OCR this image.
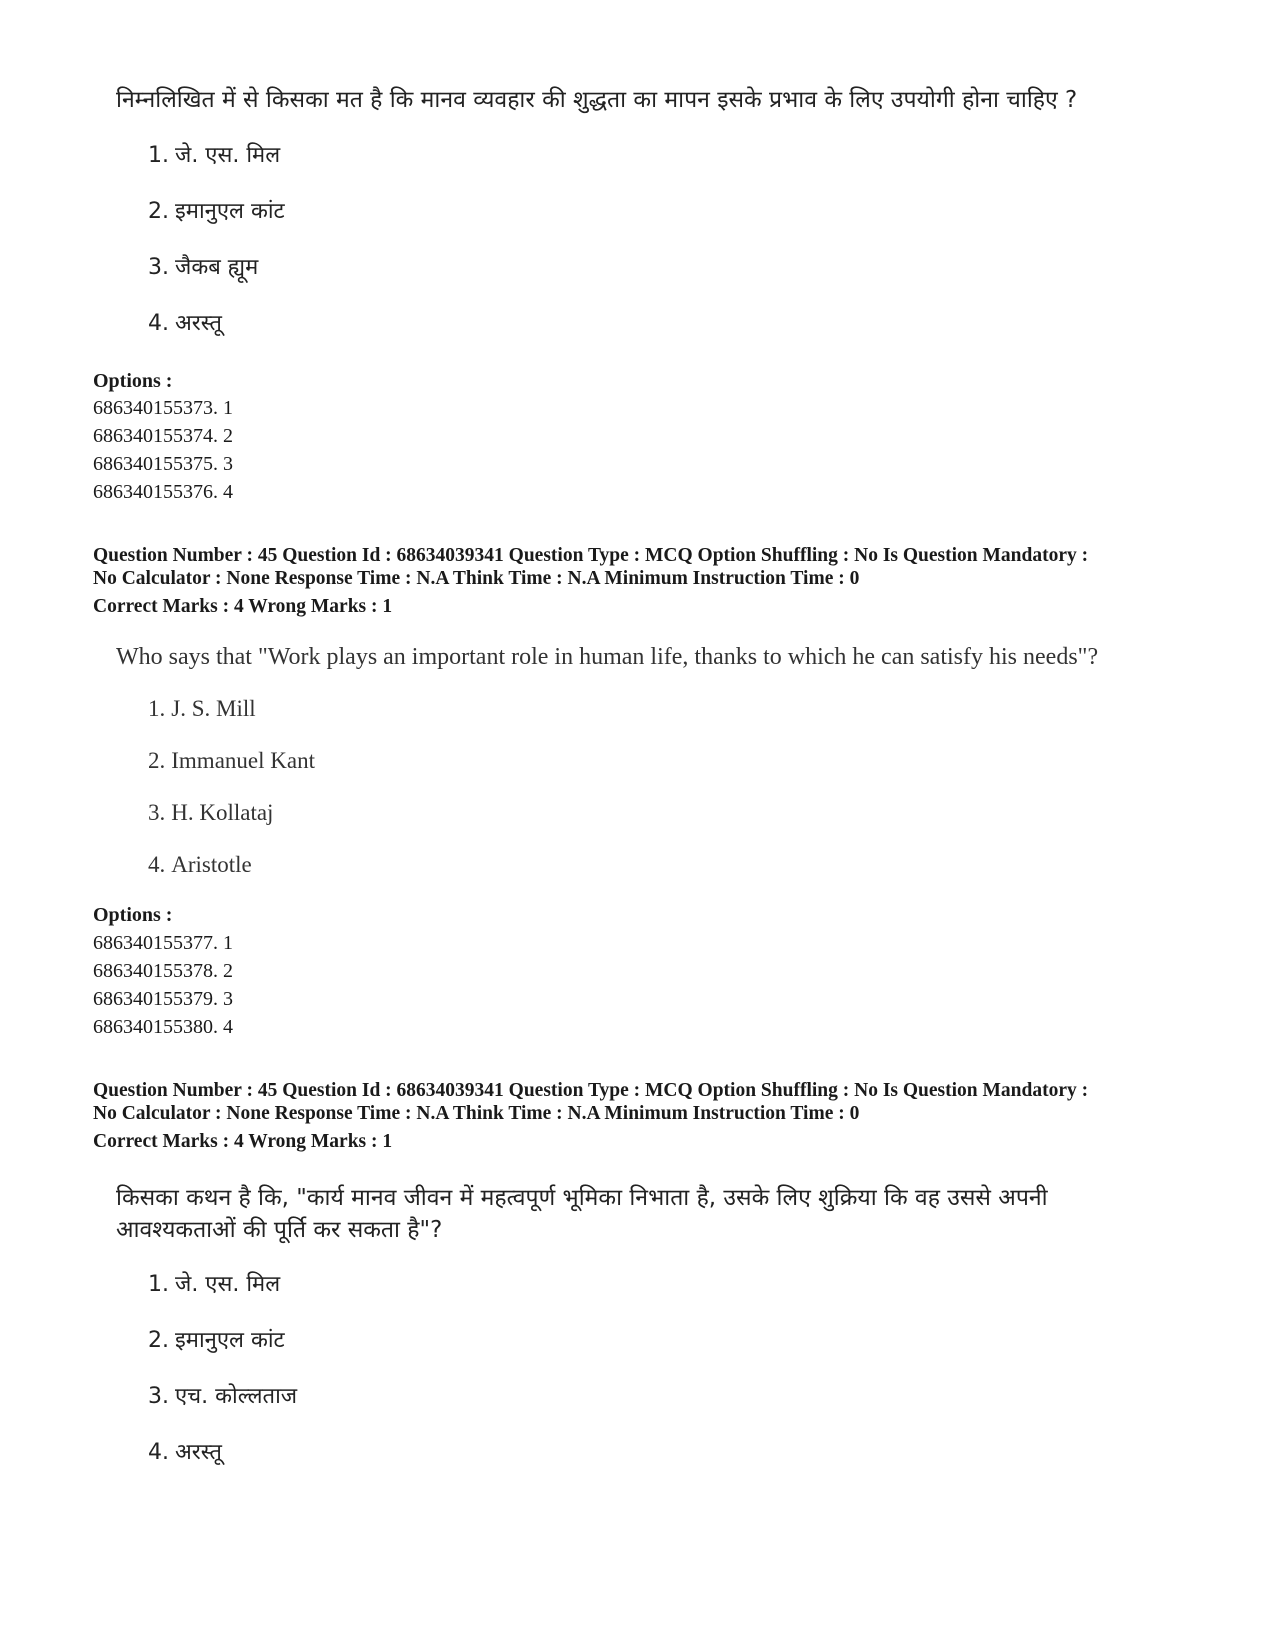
निम्नलिखित में से किसका मत है कि मानव व्यवहार की शुद्धता का मापन इसके प्रभाव के लिए उपयोगी होना चाहिए ?
1. जे. एस. मिल
2. इमानुएल कांट
3. जैकब ह्यूम
4. अरस्तू
Options :
686340155373. 1
686340155374. 2
686340155375. 3
686340155376. 4
Question Number : 45 Question Id : 68634039341 Question Type : MCQ Option Shuffling : No Is Question Mandatory :
No Calculator : None Response Time : N.A Think Time : N.A Minimum Instruction Time : 0
Correct Marks : 4 Wrong Marks : 1
Who says that "Work plays an important role in human life, thanks to which he can satisfy his needs"?
1. J. S. Mill
2. Immanuel Kant
3. H. Kollataj
4. Aristotle
Options :
686340155377. 1
686340155378. 2
686340155379. 3
686340155380. 4
Question Number : 45 Question Id : 68634039341 Question Type : MCQ Option Shuffling : No Is Question Mandatory :
No Calculator : None Response Time : N.A Think Time : N.A Minimum Instruction Time : 0
Correct Marks : 4 Wrong Marks : 1
किसका कथन है कि, "कार्य मानव जीवन में महत्वपूर्ण भूमिका निभाता है, उसके लिए शुक्रिया कि वह उससे अपनी
आवश्यकताओं की पूर्ति कर सकता है"?
1. जे. एस. मिल
2. इमानुएल कांट
3. एच. कोल्लताज
4. अरस्तू
